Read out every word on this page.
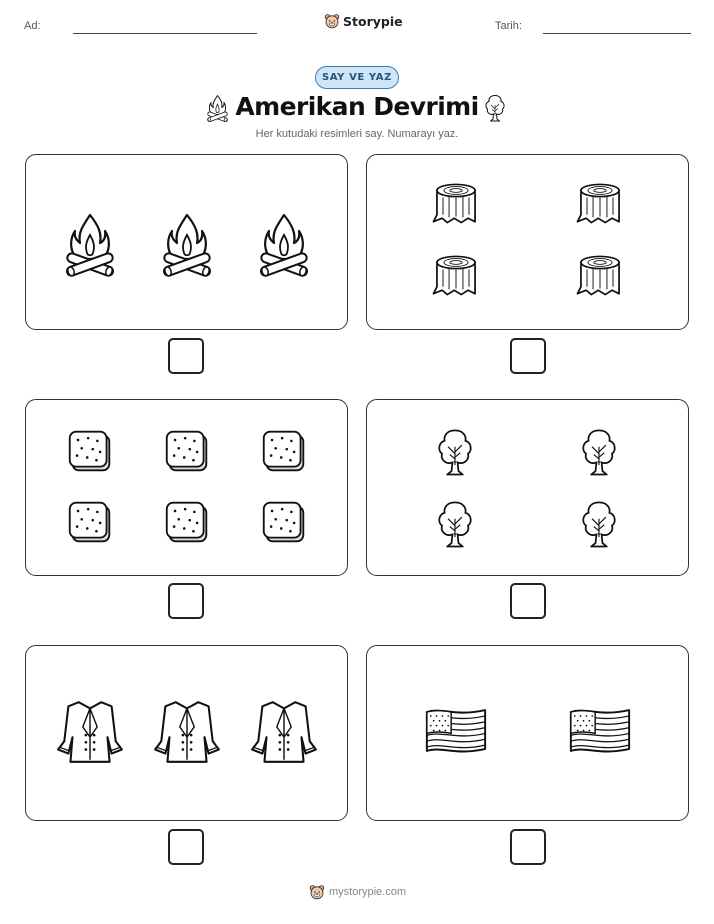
Ad:	Storypie	Tarih:
SAY VE YAZ
Amerikan Devrimi
Her kutudaki resimleri say. Numarayı yaz.
mystorypie.com
